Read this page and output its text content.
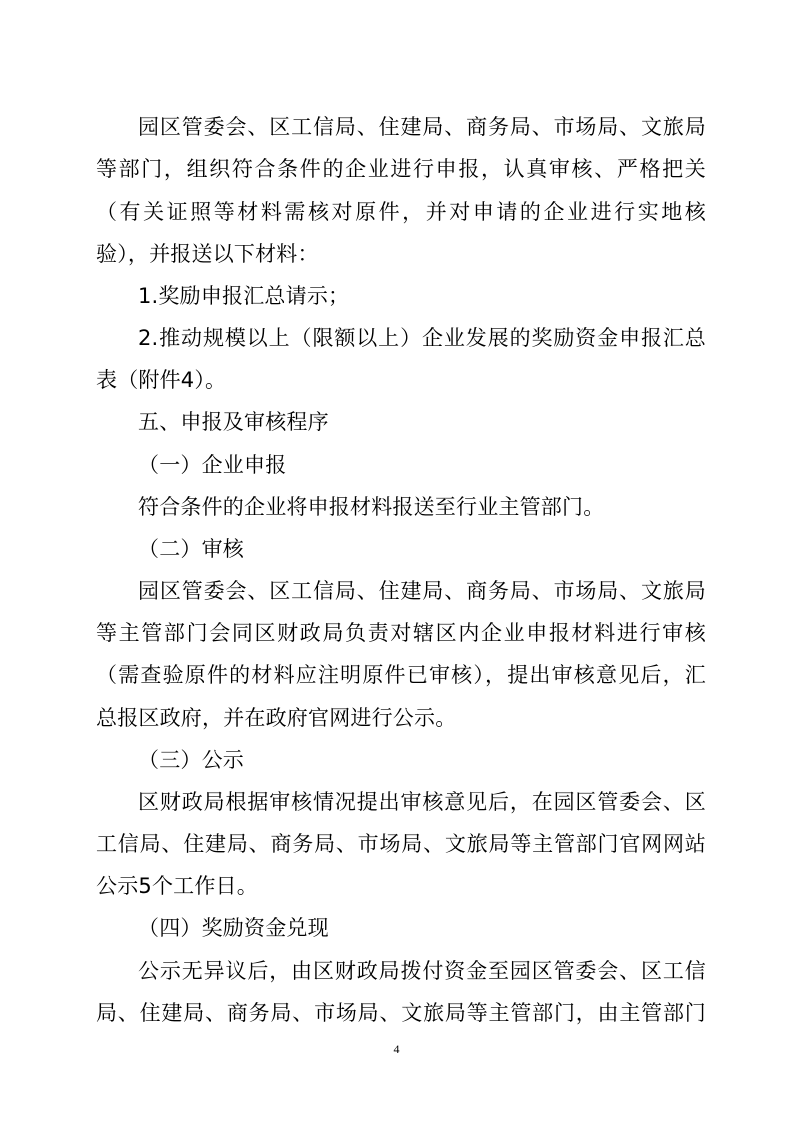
园区管委会、区工信局、住建局、商务局、市场局、文旅局
等部门，组织符合条件的企业进行申报，认真审核、严格把关
（有关证照等材料需核对原件，并对申请的企业进行实地核
验），并报送以下材料：
1.奖励申报汇总请示；
2.推动规模以上（限额以上）企业发展的奖励资金申报汇总
表（附件4）。
五、申报及审核程序
（一）企业申报
符合条件的企业将申报材料报送至行业主管部门。
（二）审核
园区管委会、区工信局、住建局、商务局、市场局、文旅局
等主管部门会同区财政局负责对辖区内企业申报材料进行审核
（需查验原件的材料应注明原件已审核），提出审核意见后，汇
总报区政府，并在政府官网进行公示。
（三）公示
区财政局根据审核情况提出审核意见后，在园区管委会、区
工信局、住建局、商务局、市场局、文旅局等主管部门官网网站
公示5个工作日。
（四）奖励资金兑现
公示无异议后，由区财政局拨付资金至园区管委会、区工信
局、住建局、商务局、市场局、文旅局等主管部门，由主管部门
4
